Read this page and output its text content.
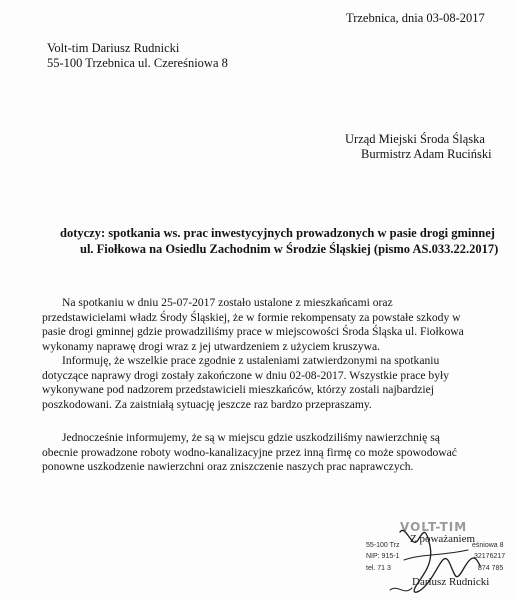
Trzebnica, dnia 03-08-2017
Volt-tim Dariusz Rudnicki
55-100 Trzebnica ul. Czereśniowa 8
Urząd Miejski Środa Śląska
Burmistrz Adam Ruciński
dotyczy: spotkania ws. prac inwestycyjnych prowadzonych w pasie drogi gminnej
ul. Fiołkowa na Osiedlu Zachodnim w Środzie Śląskiej (pismo AS.033.22.2017)
Na spotkaniu w dniu 25-07-2017 zostało ustalone z mieszkańcami oraz
przedstawicielami władz Środy Śląskiej, że w formie rekompensaty za powstałe szkody w
pasie drogi gminnej gdzie prowadziliśmy prace w miejscowości Środa Śląska ul. Fiołkowa
wykonamy naprawę drogi wraz z jej utwardzeniem z użyciem kruszywa.
Informuję, że wszelkie prace zgodnie z ustaleniami zatwierdzonymi na spotkaniu
dotyczące naprawy drogi zostały zakończone w dniu 02-08-2017. Wszystkie prace były
wykonywane pod nadzorem przedstawicieli mieszkańców, którzy zostali najbardziej
poszkodowani. Za zaistniałą sytuację jeszcze raz bardzo przepraszamy.
Jednocześnie informujemy, że są w miejscu gdzie uszkodziliśmy nawierzchnię są
obecnie prowadzone roboty wodno-kanalizacyjne przez inną firmę co może spowodować
ponowne uszkodzenie nawierzchni oraz zniszczenie naszych prac naprawczych.
VOLT-TIM
55-100 Trz	eśniowa 8
NIP: 915-1	32176217
tel. 71 3	874 785
Z poważaniem
Dariusz Rudnicki
